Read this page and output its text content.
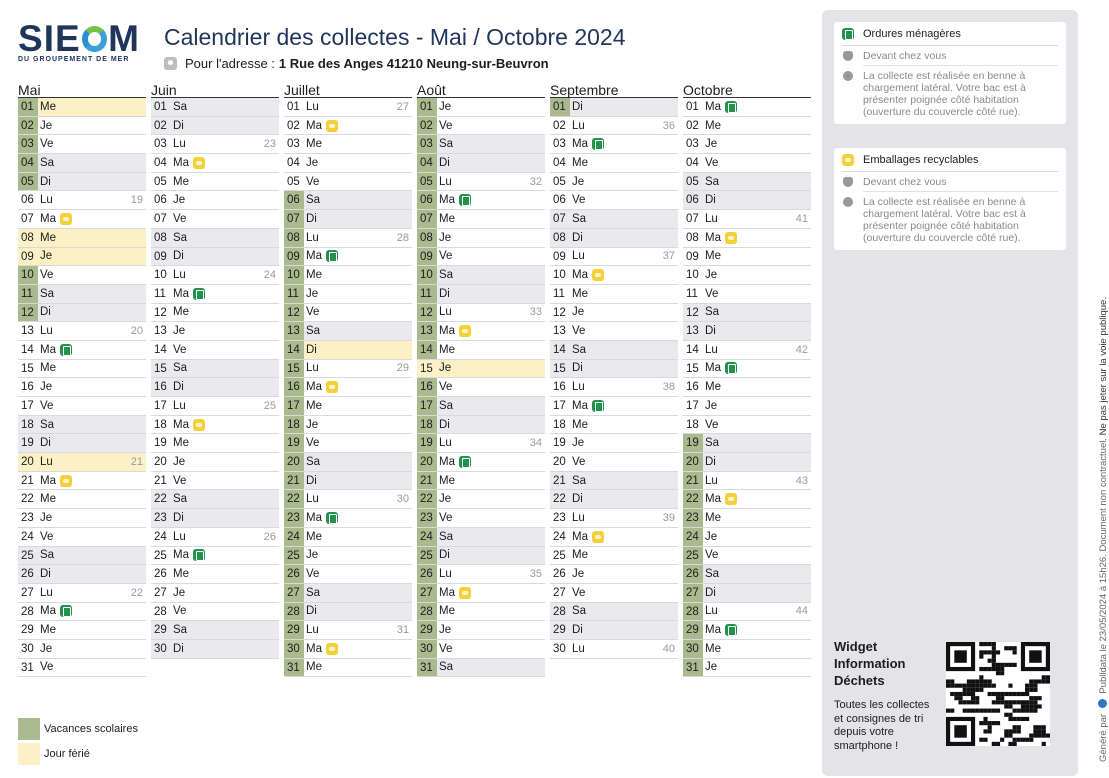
SIE M
DU GROUPEMENT DE MER
Calendrier des collectes - Mai / Octobre 2024
Pour l'adresse : 1 Rue des Anges 41210 Neung-sur-Beuvron
Mai
01 Me
02 Je
03 Ve
04 Sa
05 Di
06 Lu	19
07 Ma
08 Me
09 Je
10 Ve
11 Sa
12 Di
13 Lu	20
14 Ma
15 Me
16 Je
17 Ve
18 Sa
19 Di
20 Lu	21
21 Ma
22 Me
23 Je
24 Ve
25 Sa
26 Di
27 Lu	22
28 Ma
29 Me
30 Je
31 Ve
Juin
01 Sa
02 Di
03 Lu	23
04 Ma
05 Me
06 Je
07 Ve
08 Sa
09 Di
10 Lu	24
11 Ma
12 Me
13 Je
14 Ve
15 Sa
16 Di
17 Lu	25
18 Ma
19 Me
20 Je
21 Ve
22 Sa
23 Di
24 Lu	26
25 Ma
26 Me
27 Je
28 Ve
29 Sa
30 Di
Juillet
01 Lu	27
02 Ma
03 Me
04 Je
05 Ve
06 Sa
07 Di
08 Lu	28
09 Ma
10 Me
11 Je
12 Ve
13 Sa
14 Di
15 Lu	29
16 Ma
17 Me
18 Je
19 Ve
20 Sa
21 Di
22 Lu	30
23 Ma
24 Me
25 Je
26 Ve
27 Sa
28 Di
29 Lu	31
30 Ma
31 Me
Août
01 Je
02 Ve
03 Sa
04 Di
05 Lu	32
06 Ma
07 Me
08 Je
09 Ve
10 Sa
11 Di
12 Lu	33
13 Ma
14 Me
15 Je
16 Ve
17 Sa
18 Di
19 Lu	34
20 Ma
21 Me
22 Je
23 Ve
24 Sa
25 Di
26 Lu	35
27 Ma
28 Me
29 Je
30 Ve
31 Sa
Septembre
01 Di
02 Lu	36
03 Ma
04 Me
05 Je
06 Ve
07 Sa
08 Di
09 Lu	37
10 Ma
11 Me
12 Je
13 Ve
14 Sa
15 Di
16 Lu	38
17 Ma
18 Me
19 Je
20 Ve
21 Sa
22 Di
23 Lu	39
24 Ma
25 Me
26 Je
27 Ve
28 Sa
29 Di
30 Lu	40
Octobre
01 Ma
02 Me
03 Je
04 Ve
05 Sa
06 Di
07 Lu	41
08 Ma
09 Me
10 Je
11 Ve
12 Sa
13 Di
14 Lu	42
15 Ma
16 Me
17 Je
18 Ve
19 Sa
20 Di
21 Lu	43
22 Ma
23 Me
24 Je
25 Ve
26 Sa
27 Di
28 Lu	44
29 Ma
30 Me
31 Je
Vacances scolaires
Jour férié
Ordures ménagères
Devant chez vous
La collecte est réalisée en benne à chargement latéral. Votre bac est à présenter poignée côté habitation (ouverture du couvercle côté rue).
Emballages recyclables
Devant chez vous
La collecte est réalisée en benne à chargement latéral. Votre bac est à présenter poignée côté habitation (ouverture du couvercle côté rue).
Widget Information Déchets
Toutes les collectes et consignes de tri depuis votre smartphone !	Généré par  Publidata le 23/05/2024 à 15h26. Document non contractuel. Ne pas jeter sur la voie publique.
